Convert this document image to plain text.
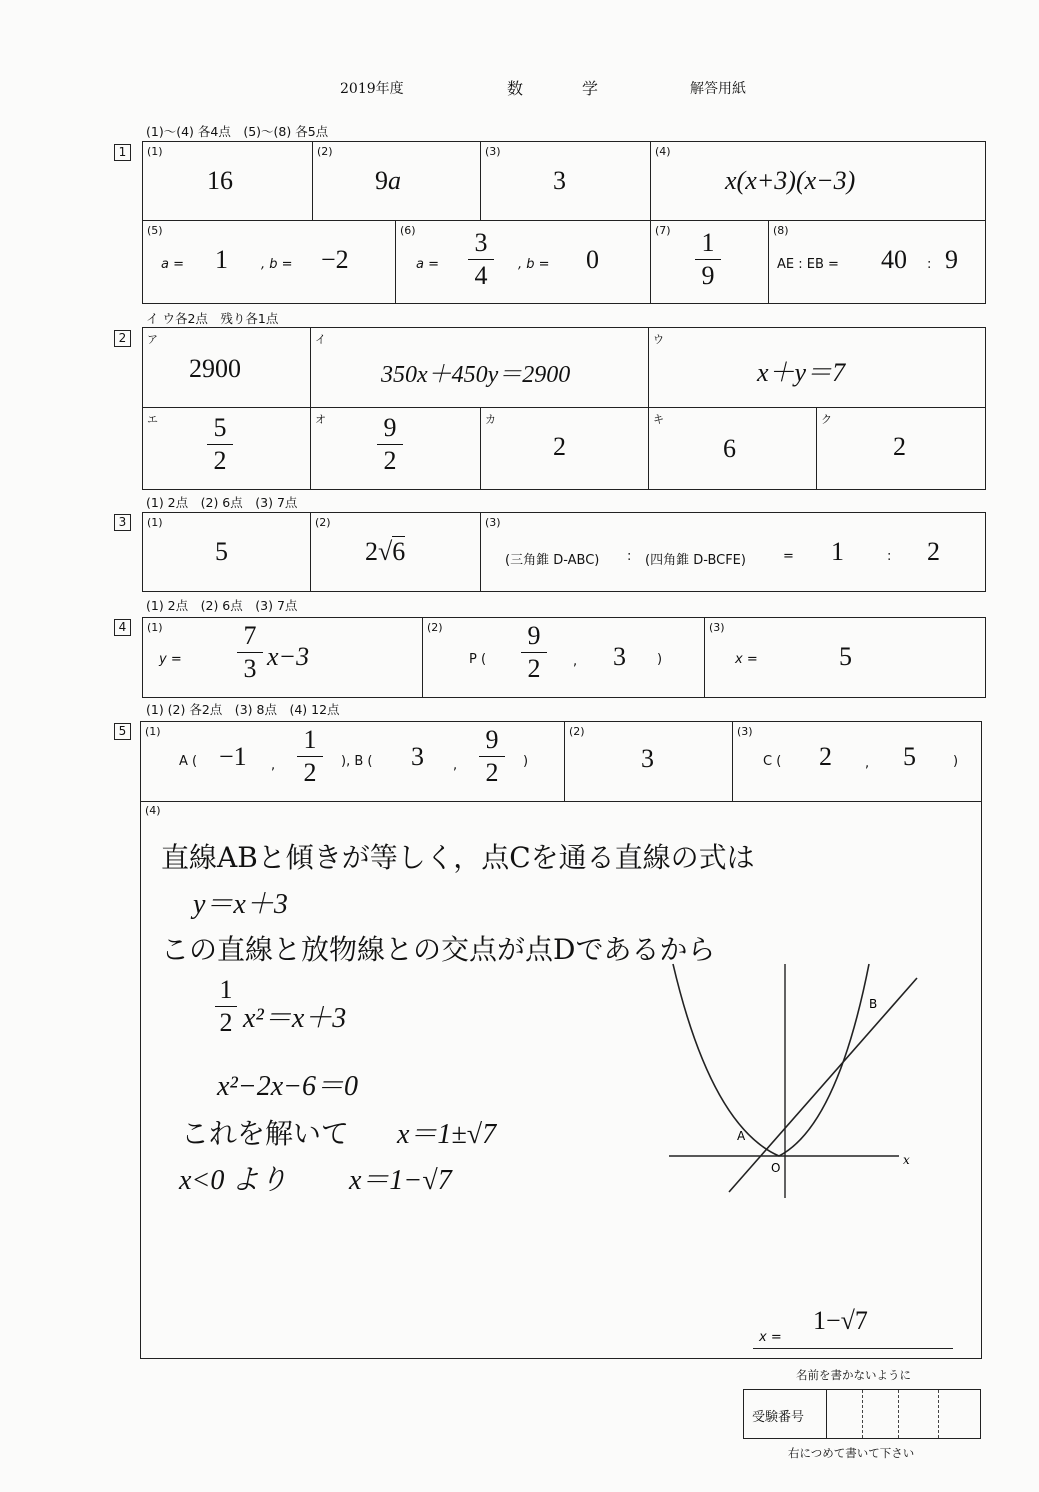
2019年度	数	学	解答用紙
(1)～(4) 各4点　(5)～(8) 各5点
1	(1)
16
(2)
9a
(3)
3
(4)
x(x+3)(x−3)
(5)
a = 1	, b = −2
(6)
a =
3
4	, b = 0
(7) 1
9
(8)
AE : EB = 40 : 9
イ ウ各2点　残り各1点
2	ア
2900
イ
350x＋450y＝2900
ウ
x＋y＝7
エ 5
2
オ 9
2
カ
2
キ
6
ク
2
(1) 2点　(2) 6点　(3) 7点
3	(1)
5
(2)
2√6
(3)
(三角錐 D-ABC) : (四角錐 D-BCFE)	= 1	: 2
(1) 2点　(2) 6点　(3) 7点
4	(1)
y =
7
3 x−3
(2)
P (
9
2	, 3 )
(3)
x =	5
(1) (2) 各2点　(3) 8点　(4) 12点
5	(1)
A ( −1 ,
1
2	), B ( 3 ,
9
2	)
(2)
3
(3)
C ( 2	, 5	)
(4)
直線ABと傾きが等しく，点Cを通る直線の式は
y＝x＋3
この直線と放物線との交点が点Dであるから
1
2 x²＝x＋3
x²−2x−6＝0
これを解いて x＝1±√7
x<0 より x＝1−√7
A
B
O
x
x =
1−√7
名前を書かないように
受験番号
右につめて書いて下さい
